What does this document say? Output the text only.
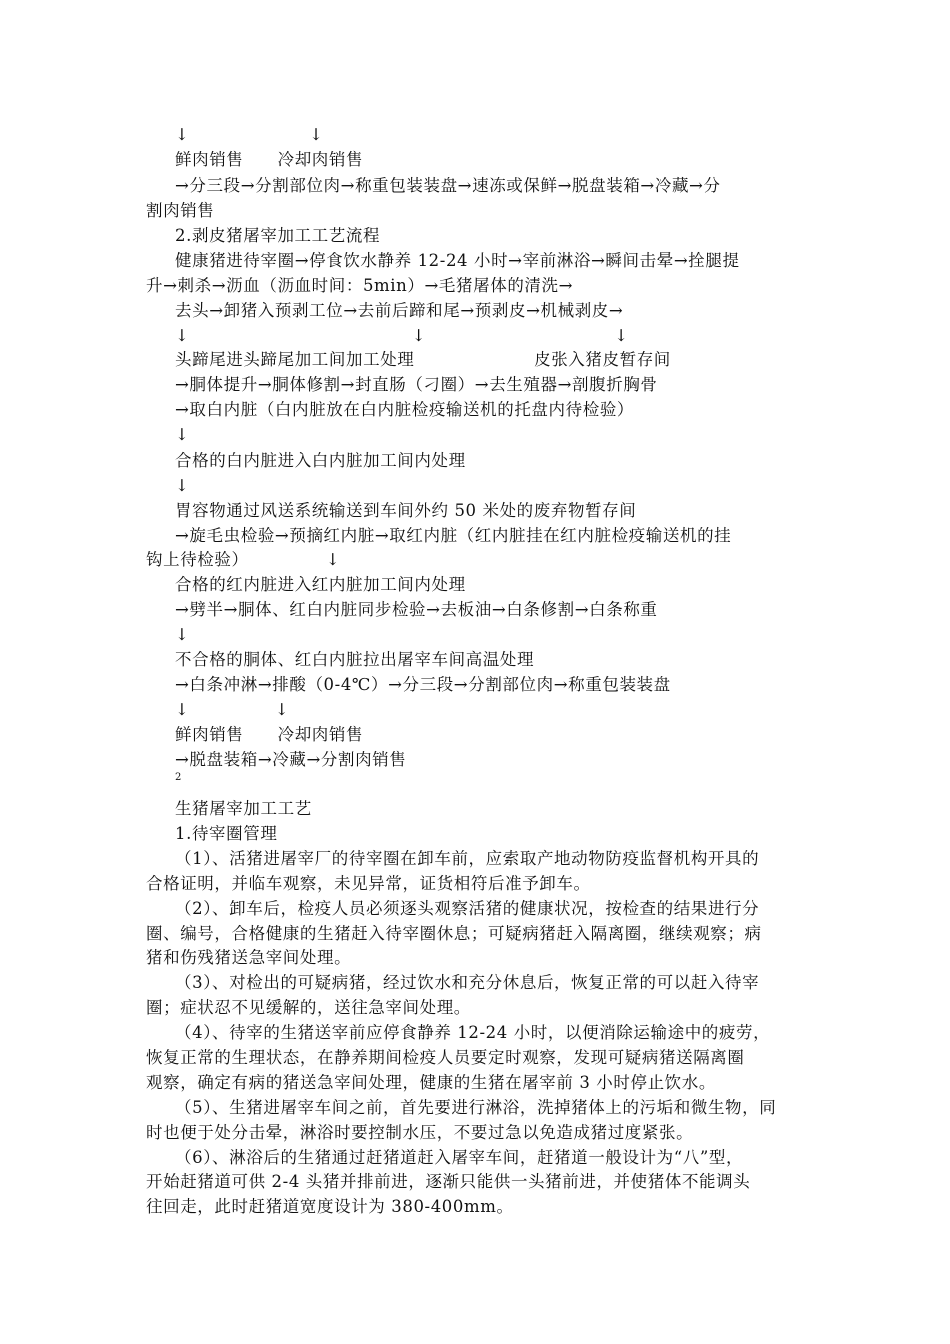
↓　　　　　　　↓
鲜肉销售　　冷却肉销售
→分三段→分割部位肉→称重包装装盘→速冻或保鲜→脱盘装箱→冷藏→分
割肉销售
2.剥皮猪屠宰加工工艺流程
健康猪进待宰圈→停食饮水静养 12-24 小时→宰前淋浴→瞬间击晕→拴腿提
升→刺杀→沥血（沥血时间：5min）→毛猪屠体的清洗→
去头→卸猪入预剥工位→去前后蹄和尾→预剥皮→机械剥皮→
↓　　　　　　　　　　　　　↓　　　　　　　　　　　↓
头蹄尾进头蹄尾加工间加工处理　　　　　　　皮张入猪皮暂存间
→胴体提升→胴体修割→封直肠（刁圈）→去生殖器→剖腹折胸骨
→取白内脏（白内脏放在白内脏检疫输送机的托盘内待检验）
↓
合格的白内脏进入白内脏加工间内处理
↓
胃容物通过风送系统输送到车间外约 50 米处的废弃物暂存间
→旋毛虫检验→预摘红内脏→取红内脏（红内脏挂在红内脏检疫输送机的挂
钩上待检验）　　　　　↓
合格的红内脏进入红内脏加工间内处理
→劈半→胴体、红白内脏同步检验→去板油→白条修割→白条称重
↓
不合格的胴体、红白内脏拉出屠宰车间高温处理
→白条冲淋→排酸（0-4℃）→分三段→分割部位肉→称重包装装盘
↓　　　　　↓
鲜肉销售　　冷却肉销售
→脱盘装箱→冷藏→分割肉销售
2
生猪屠宰加工工艺
1.待宰圈管理
（1）、活猪进屠宰厂的待宰圈在卸车前，应索取产地动物防疫监督机构开具的
合格证明，并临车观察，未见异常，证货相符后准予卸车。
（2）、卸车后，检疫人员必须逐头观察活猪的健康状况，按检查的结果进行分
圈、编号，合格健康的生猪赶入待宰圈休息；可疑病猪赶入隔离圈，继续观察；病
猪和伤残猪送急宰间处理。
（3）、对检出的可疑病猪，经过饮水和充分休息后，恢复正常的可以赶入待宰
圈；症状忍不见缓解的，送往急宰间处理。
（4）、待宰的生猪送宰前应停食静养 12-24 小时，以便消除运输途中的疲劳，
恢复正常的生理状态，在静养期间检疫人员要定时观察，发现可疑病猪送隔离圈
观察，确定有病的猪送急宰间处理，健康的生猪在屠宰前 3 小时停止饮水。
（5）、生猪进屠宰车间之前，首先要进行淋浴，洗掉猪体上的污垢和微生物，同
时也便于处分击晕，淋浴时要控制水压，不要过急以免造成猪过度紧张。
（6）、淋浴后的生猪通过赶猪道赶入屠宰车间，赶猪道一般设计为“八”型，
开始赶猪道可供 2-4 头猪并排前进，逐渐只能供一头猪前进，并使猪体不能调头
往回走，此时赶猪道宽度设计为 380-400mm。
